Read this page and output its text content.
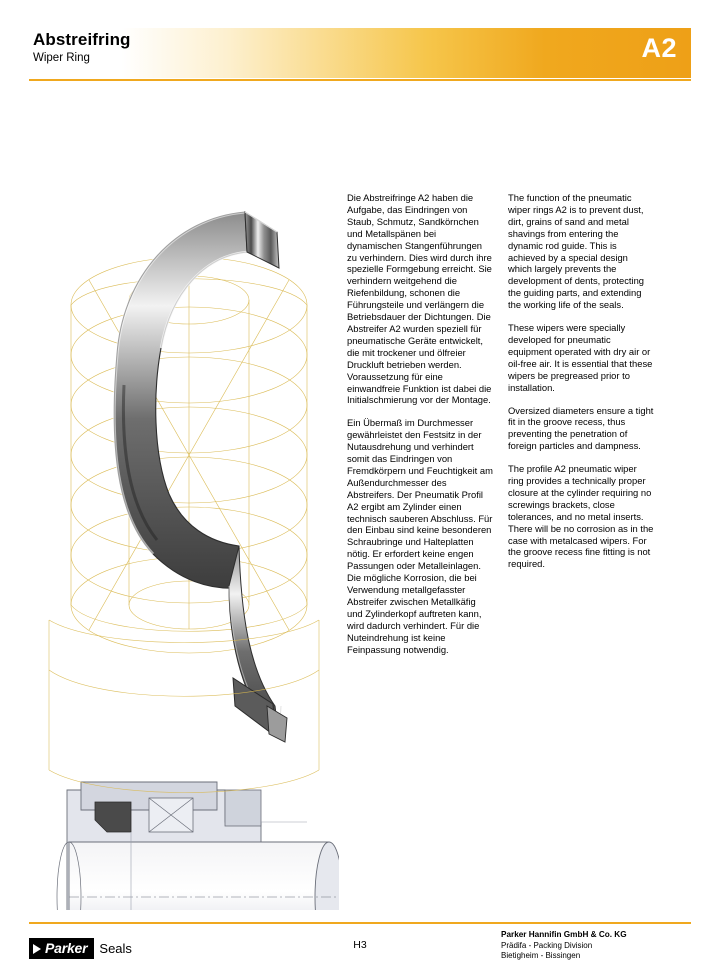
Abstreifring
Wiper Ring	A2

Die Abstreifringe A2 haben die Aufgabe, das Eindringen von Staub, Schmutz, Sandkörnchen und Metallspänen bei dynamischen Stangenführungen zu verhindern. Dies wird durch ihre spezielle Formgebung erreicht. Sie verhindern weitgehend die Riefenbildung, schonen die Führungsteile und verlängern die Betriebsdauer der Dichtungen. Die Abstreifer A2 wurden speziell für pneumatische Geräte entwickelt, die mit trockener und ölfreier Druckluft betrieben werden. Voraussetzung für eine einwandfreie Funktion ist dabei die Initialschmierung vor der Montage.

Ein Übermaß im Durchmesser gewährleistet den Festsitz in der Nutausdrehung und verhindert somit das Eindringen von Fremdkörpern und Feuchtigkeit am Außendurchmesser des Abstreifers. Der Pneumatik Profil A2 ergibt am Zylinder einen technisch sauberen Abschluss. Für den Einbau sind keine besonderen Schraubringe und Halteplatten nötig. Er erfordert keine engen Passungen oder Metalleinlagen. Die mögliche Korrosion, die bei Verwendung metallgefasster Abstreifer zwischen Metallkäfig und Zylinderkopf auftreten kann, wird dadurch verhindert. Für die Nuteindrehung ist keine Feinpassung notwendig.

The function of the pneumatic wiper rings A2 is to prevent dust, dirt, grains of sand and metal shavings from entering the dynamic rod guide. This is achieved by a special design which largely prevents the development of dents, protecting the guiding parts, and extending the working life of the seals.

These wipers were specially developed for pneumatic equipment operated with dry air or oil-free air. It is essential that these wipers be pregreased prior to installation.

Oversized diameters ensure a tight fit in the groove recess, thus preventing the penetration of foreign particles and dampness.

The profile A2 pneumatic wiper ring provides a technically proper closure at the cylinder requiring no screwings brackets, close tolerances, and no metal inserts. There will be no corrosion as in the case with metalcased wipers. For the groove recess fine fitting is not required.

Parker Seals	H3
Parker Hannifin GmbH & Co. KG
Prädifa - Packing Division
Bietigheim - Bissingen
